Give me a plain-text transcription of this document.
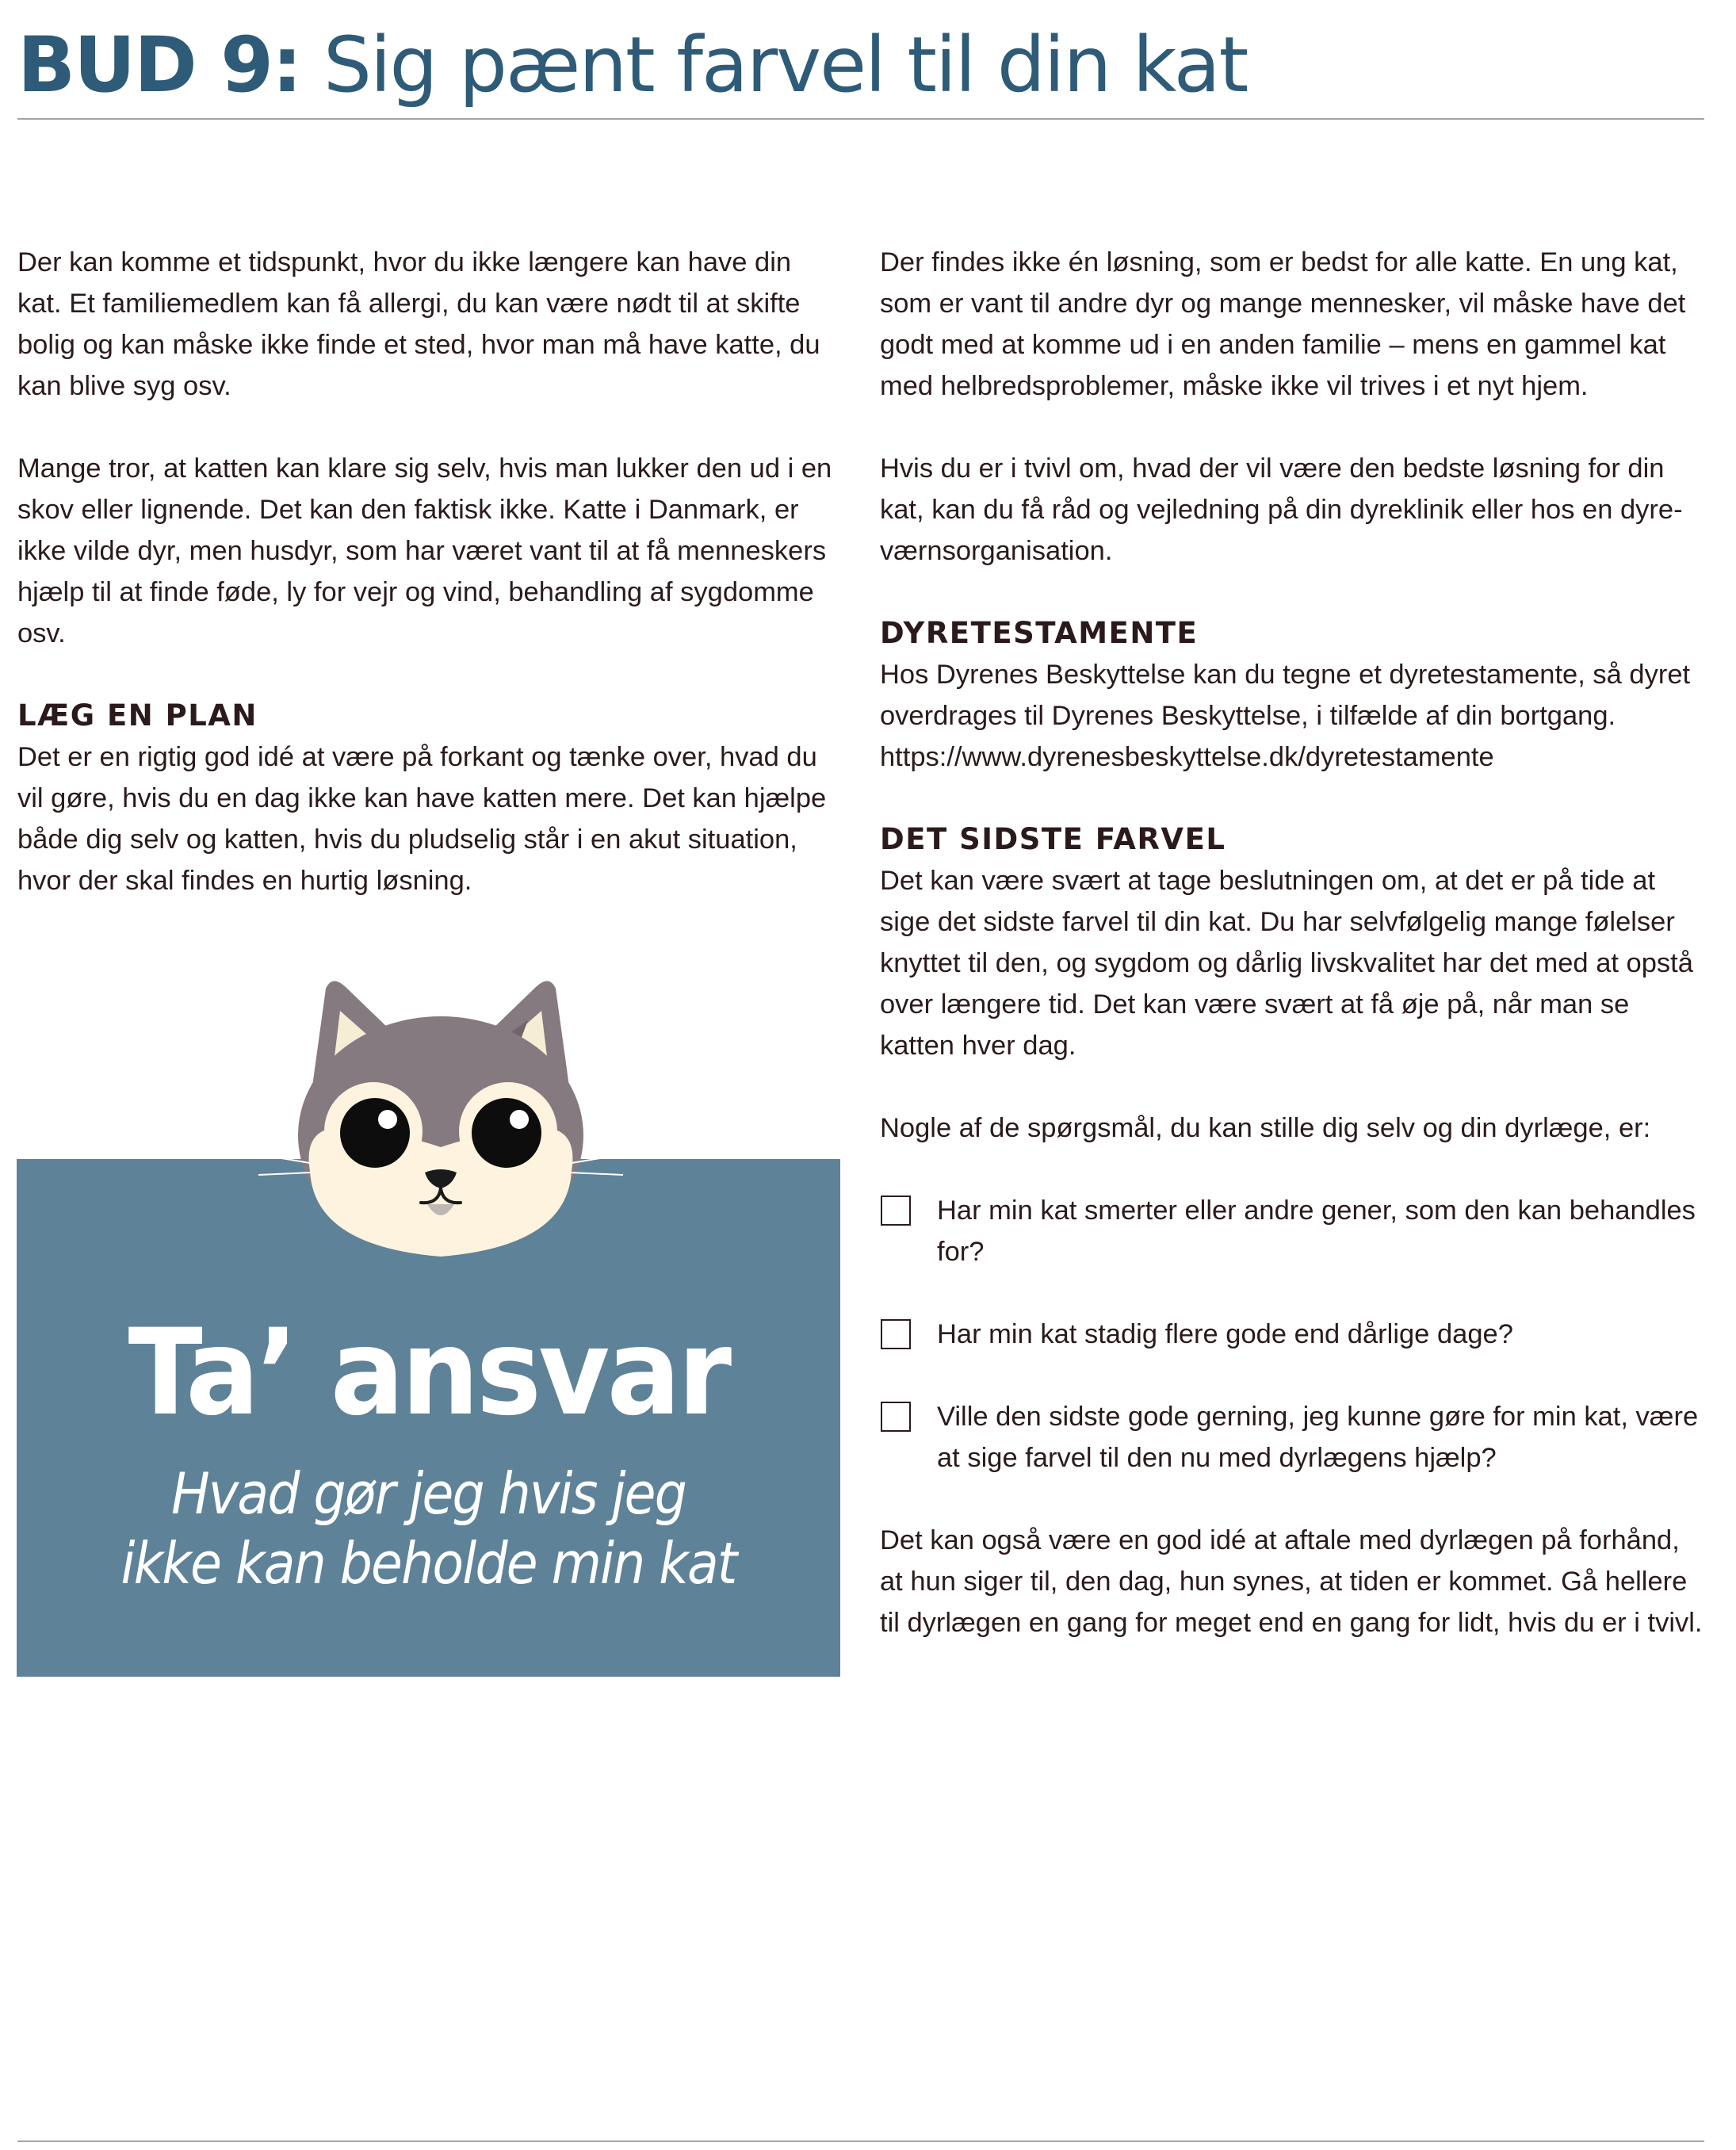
BUD 9: Sig pænt farvel til din kat

Der kan komme et tidspunkt, hvor du ikke længere kan have din kat. Et familiemedlem kan få allergi, du kan være nødt til at skifte bolig og kan måske ikke finde et sted, hvor man må have katte, du kan blive syg osv.

Mange tror, at katten kan klare sig selv, hvis man lukker den ud i en skov eller lignende. Det kan den faktisk ikke. Katte i Danmark, er ikke vilde dyr, men husdyr, som har været vant til at få menneskers hjælp til at finde føde, ly for vejr og vind, behandling af sygdomme osv.

LÆG EN PLAN

Det er en rigtig god idé at være på forkant og tænke over, hvad du vil gøre, hvis du en dag ikke kan have katten mere. Det kan hjælpe både dig selv og katten, hvis du pludselig står i en akut situation, hvor der skal findes en hurtig løsning.

Ta’ ansvar

Hvad gør jeg hvis jeg
ikke kan beholde min kat

Der findes ikke én løsning, som er bedst for alle katte. En ung kat, som er vant til andre dyr og mange mennesker, vil måske have det godt med at komme ud i en anden familie – mens en gammel kat med helbredsproblemer, måske ikke vil trives i et nyt hjem.

Hvis du er i tvivl om, hvad der vil være den bedste løsning for din kat, kan du få råd og vejledning på din dyreklinik eller hos en dyre-værnsorganisation.

DYRETESTAMENTE

Hos Dyrenes Beskyttelse kan du tegne et dyretestamente, så dyret overdrages til Dyrenes Beskyttelse, i tilfælde af din bortgang.

https://www.dyrenesbeskyttelse.dk/dyretestamente

DET SIDSTE FARVEL

Det kan være svært at tage beslutningen om, at det er på tide at sige det sidste farvel til din kat. Du har selvfølgelig mange følelser knyttet til den, og sygdom og dårlig livskvalitet har det med at opstå over længere tid. Det kan være svært at få øje på, når man se katten hver dag.

Nogle af de spørgsmål, du kan stille dig selv og din dyrlæge, er:

Har min kat smerter eller andre gener, som den kan behandles for?
Har min kat stadig flere gode end dårlige dage?
Ville den sidste gode gerning, jeg kunne gøre for min kat, være at sige farvel til den nu med dyrlægens hjælp?

Det kan også være en god idé at aftale med dyrlægen på forhånd, at hun siger til, den dag, hun synes, at tiden er kommet. Gå hellere til dyrlægen en gang for meget end en gang for lidt, hvis du er i tvivl.
